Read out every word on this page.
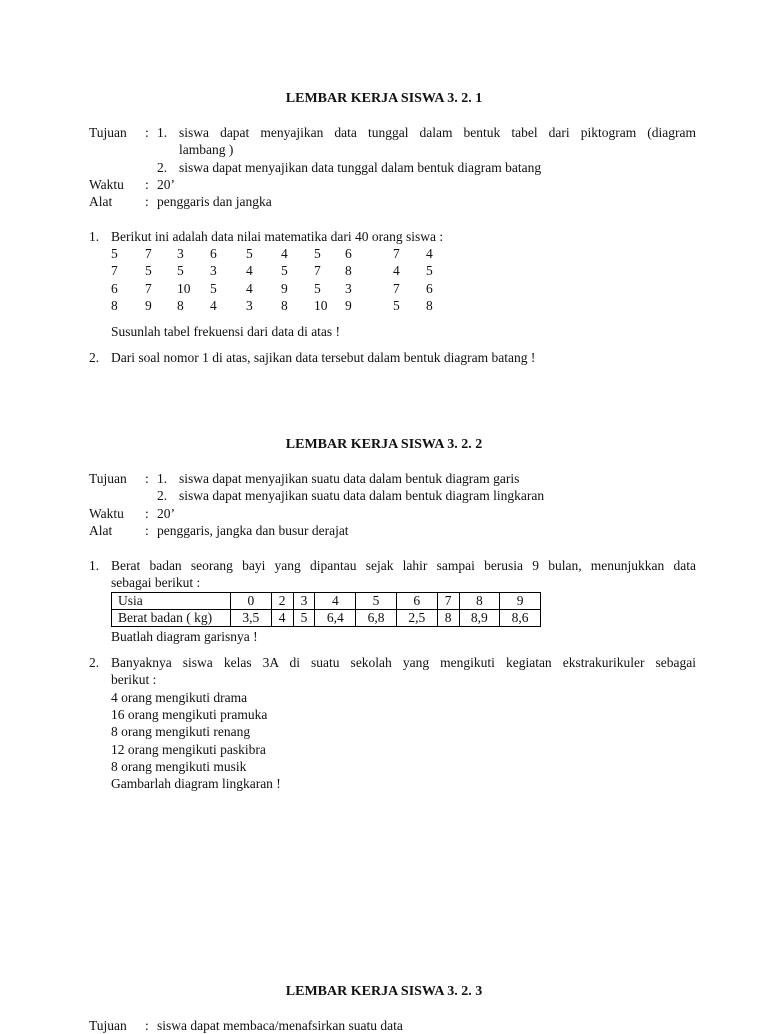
LEMBAR KERJA SISWA 3. 2. 1
Tujuan : 1. siswa dapat menyajikan data tunggal dalam bentuk tabel dari piktogram (diagram
lambang )
2. siswa dapat menyajikan data tunggal dalam bentuk diagram batang
Waktu : 20’
Alat : penggaris dan jangka
1. Berikut ini adalah data nilai matematika dari 40 orang siswa :
5 7 3 6 5 4 5 6	7 4
7 5 5 3 4 5 7 8	4 5
6 7 10 5 4 9 5 3	7 6
8 9 8 4 3 8 10 9	5 8
Susunlah tabel frekuensi dari data di atas !
2. Dari soal nomor 1 di atas, sajikan data tersebut dalam bentuk diagram batang !
LEMBAR KERJA SISWA 3. 2. 2
Tujuan : 1. siswa dapat menyajikan suatu data dalam bentuk diagram garis
2. siswa dapat menyajikan suatu data dalam bentuk diagram lingkaran
Waktu : 20’
Alat : penggaris, jangka dan busur derajat
1. Berat badan seorang bayi yang dipantau sejak lahir sampai berusia 9 bulan, menunjukkan data
sebagai berikut :
Usia	0	2	3	4	5	6	7	8	9
Berat badan ( kg)	3,5	4	5	6,4	6,8	2,5	8	8,9	8,6
Buatlah diagram garisnya !
2. Banyaknya siswa kelas 3A di suatu sekolah yang mengikuti kegiatan ekstrakurikuler sebagai
berikut :
4 orang mengikuti drama
16 orang mengikuti pramuka
8 orang mengikuti renang
12 orang mengikuti paskibra
8 orang mengikuti musik
Gambarlah diagram lingkaran !
LEMBAR KERJA SISWA 3. 2. 3
Tujuan : siswa dapat membaca/menafsirkan suatu data
